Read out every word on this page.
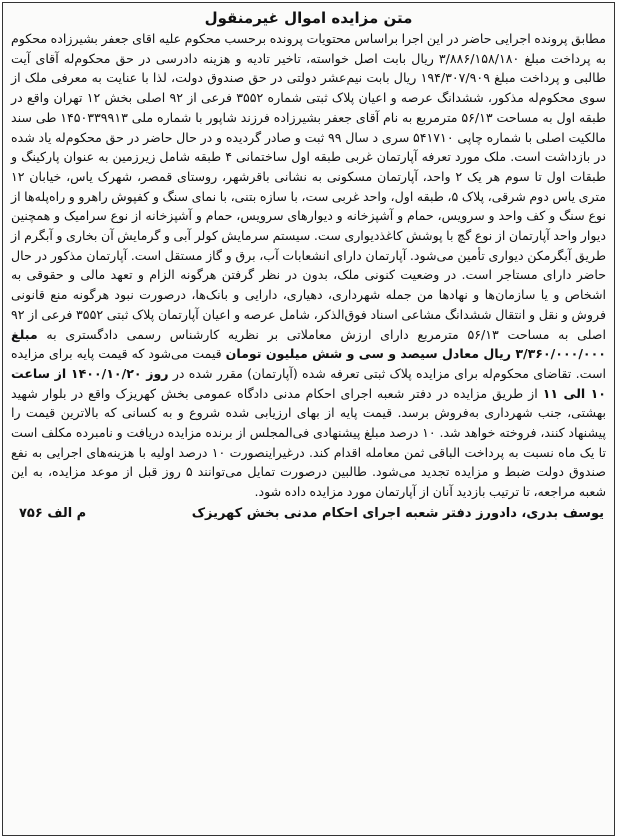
متن مزایده اموال غیرمنقول
مطابق پرونده اجرایی حاضر در این اجرا براساس محتویات پرونده برحسب محکوم علیه اقای جعفر بشیرزاده محکوم به پرداخت مبلغ ۳/۸۸۶/۱۵۸/۱۸۰ ریال بابت اصل خواسته، تاخیر تادیه و هزینه دادرسی در حق محکوم‌له آقای آیت طالبی و پرداخت مبلغ ۱۹۴/۳۰۷/۹۰۹ ریال بابت نیم‌عشر دولتی در حق صندوق دولت، لذا با عنایت به معرفی ملک از سوی محکوم‌له مذکور، ششدانگ عرصه و اعیان پلاک ثبتی شماره ۳۵۵۲ فرعی از ۹۲ اصلی بخش ۱۲ تهران واقع در طبقه اول به مساحت ۵۶/۱۳ مترمربع به نام آقای جعفر بشیرزاده فرزند شاپور با شماره ملی ۱۴۵۰۳۳۹۹۱۳ طی سند مالکیت اصلی با شماره چاپی ۵۴۱۷۱۰ سری د سال ۹۹ ثبت و صادر گردیده و در حال حاضر در حق محکوم‌له یاد شده در بازداشت است. ملک مورد تعرفه آپارتمان غربی طبقه اول ساختمانی ۴ طبقه شامل زیرزمین به عنوان پارکینگ و طبقات اول تا سوم هر یک ۲ واحد، آپارتمان مسکونی به نشانی باقرشهر، روستای قمصر، شهرک یاس، خیابان ۱۲ متری یاس دوم شرقی، پلاک ۵، طبقه اول، واحد غربی ست، با سازه بتنی، با نمای سنگ و کفپوش راهرو و راه‌پله‌ها از نوع سنگ و کف واحد و سرویس، حمام و آشپزخانه و دیوارهای سرویس، حمام و آشپزخانه از نوع سرامیک و همچنین دیوار واحد آپارتمان از نوع گچ با پوشش کاغذدیواری ست. سیستم سرمایش کولر آبی و گرمایش آن بخاری و آبگرم از طریق آبگرمکن دیواری تأمین می‌شود. آپارتمان دارای انشعابات آب، برق و گاز مستقل است. آپارتمان مذکور در حال حاضر دارای مستاجر است. در وضعیت کنونی ملک، بدون در نظر گرفتن هرگونه الزام و تعهد مالی و حقوقی به اشخاص و یا سازمان‌ها و نهادها من جمله شهرداری، دهیاری، دارایی و بانک‌ها، درصورت نبود هرگونه منع قانونی فروش و نقل و انتقال ششدانگ مشاعی اسناد فوق‌الذکر، شامل عرصه و اعیان آپارتمان پلاک ثبتی ۳۵۵۲ فرعی از ۹۲ اصلی به مساحت ۵۶/۱۳ مترمربع دارای ارزش معاملاتی بر نظریه کارشناس رسمی دادگستری به مبلغ ۳/۳۶۰/۰۰۰/۰۰۰ ریال معادل سیصد و سی و شش میلیون تومان قیمت می‌شود که قیمت پایه برای مزایده است. تقاضای محکوم‌له برای مزایده پلاک ثبتی تعرفه شده (آپارتمان) مقرر شده در روز ۱۴۰۰/۱۰/۲۰ از ساعت ۱۰ الی ۱۱ از طریق مزایده در دفتر شعبه اجرای احکام مدنی دادگاه عمومی بخش کهریزک واقع در بلوار شهید بهشتی، جنب شهرداری به‌فروش برسد. قیمت پایه از بهای ارزیابی شده شروع و به کسانی که بالاترین قیمت را پیشنهاد کنند، فروخته خواهد شد. ۱۰ درصد مبلغ پیشنهادی فی‌المجلس از برنده مزایده دریافت و نامبرده مکلف است تا یک ماه نسبت به پرداخت الباقی ثمن معامله اقدام کند. درغیراینصورت ۱۰ درصد اولیه با هزینه‌های اجرایی به نفع صندوق دولت ضبط و مزایده تجدید می‌شود. طالبین درصورت تمایل می‌توانند ۵ روز قبل از موعد مزایده، به این شعبه مراجعه، تا ترتیب بازدید آنان از آپارتمان مورد مزایده داده شود.
یوسف بدری، دادورز دفتر شعبه اجرای احکام مدنی بخش کهریزک
م الف ۷۵۶
